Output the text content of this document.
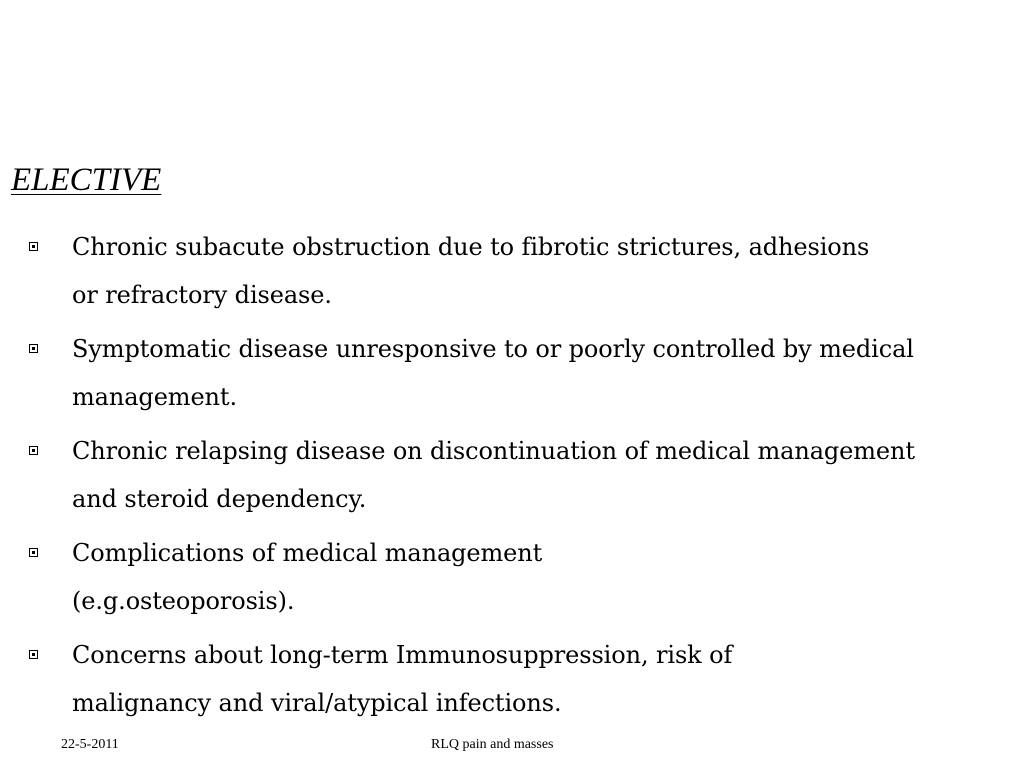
ELECTIVE
Chronic subacute obstruction due to fibrotic strictures, adhesions
or refractory disease.
Symptomatic disease unresponsive to or poorly controlled by medical
management.
Chronic relapsing disease on discontinuation of medical management
and steroid dependency.
Complications of medical management
(e.g.osteoporosis).
Concerns about long-term Immunosuppression, risk of
malignancy and viral/atypical infections.
22-5-2011	RLQ pain and masses
